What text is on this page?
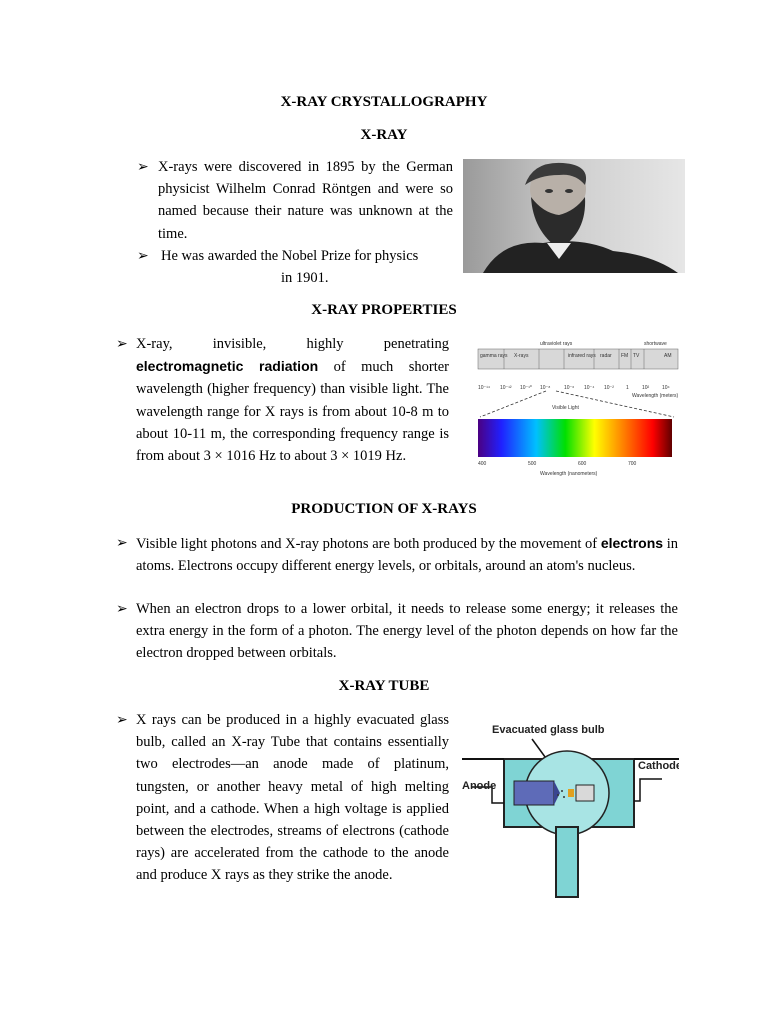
X-RAY CRYSTALLOGRAPHY
X-RAY
➢ X-rays were discovered in 1895 by the German physicist Wilhelm Conrad Röntgen and were so named because their nature was unknown at the time.
➢ He was awarded the Nobel Prize for physics
in 1901.
X-RAY PROPERTIES
➢ X-ray, invisible, highly penetrating electromagnetic radiation of much shorter wavelength (higher frequency) than visible light. The wavelength range for X rays is from about 10-8 m to about 10-11 m, the corresponding frequency range is from about 3 × 1016 Hz to about 3 × 1019 Hz.
gamma rays X-rays
ultraviolet rays
infrared rays radar FM TV
shortwave
AM
10⁻¹⁴ 10⁻¹² 10⁻¹⁰ 10⁻⁸	10⁻⁶ 10⁻⁴ 10⁻² 1	10²	10⁴
Wavelength (meters)
Visible Light
400	500	600	700
Wavelength (nanometers)
PRODUCTION OF X-RAYS
➢ Visible light photons and X-ray photons are both produced by the movement of electrons in atoms. Electrons occupy different energy levels, or orbitals, around an atom's nucleus.
➢ When an electron drops to a lower orbital, it needs to release some energy; it releases the extra energy in the form of a photon. The energy level of the photon depends on how far the electron dropped between orbitals.
X-RAY TUBE
➢ X rays can be produced in a highly evacuated glass bulb, called an X-ray Tube that contains essentially two electrodes—an anode made of platinum, tungsten, or another heavy metal of high melting point, and a cathode. When a high voltage is applied between the electrodes, streams of electrons (cathode rays) are accelerated from the cathode to the anode and produce X rays as they strike the anode.
Evacuated glass bulb
Anode
Cathode
